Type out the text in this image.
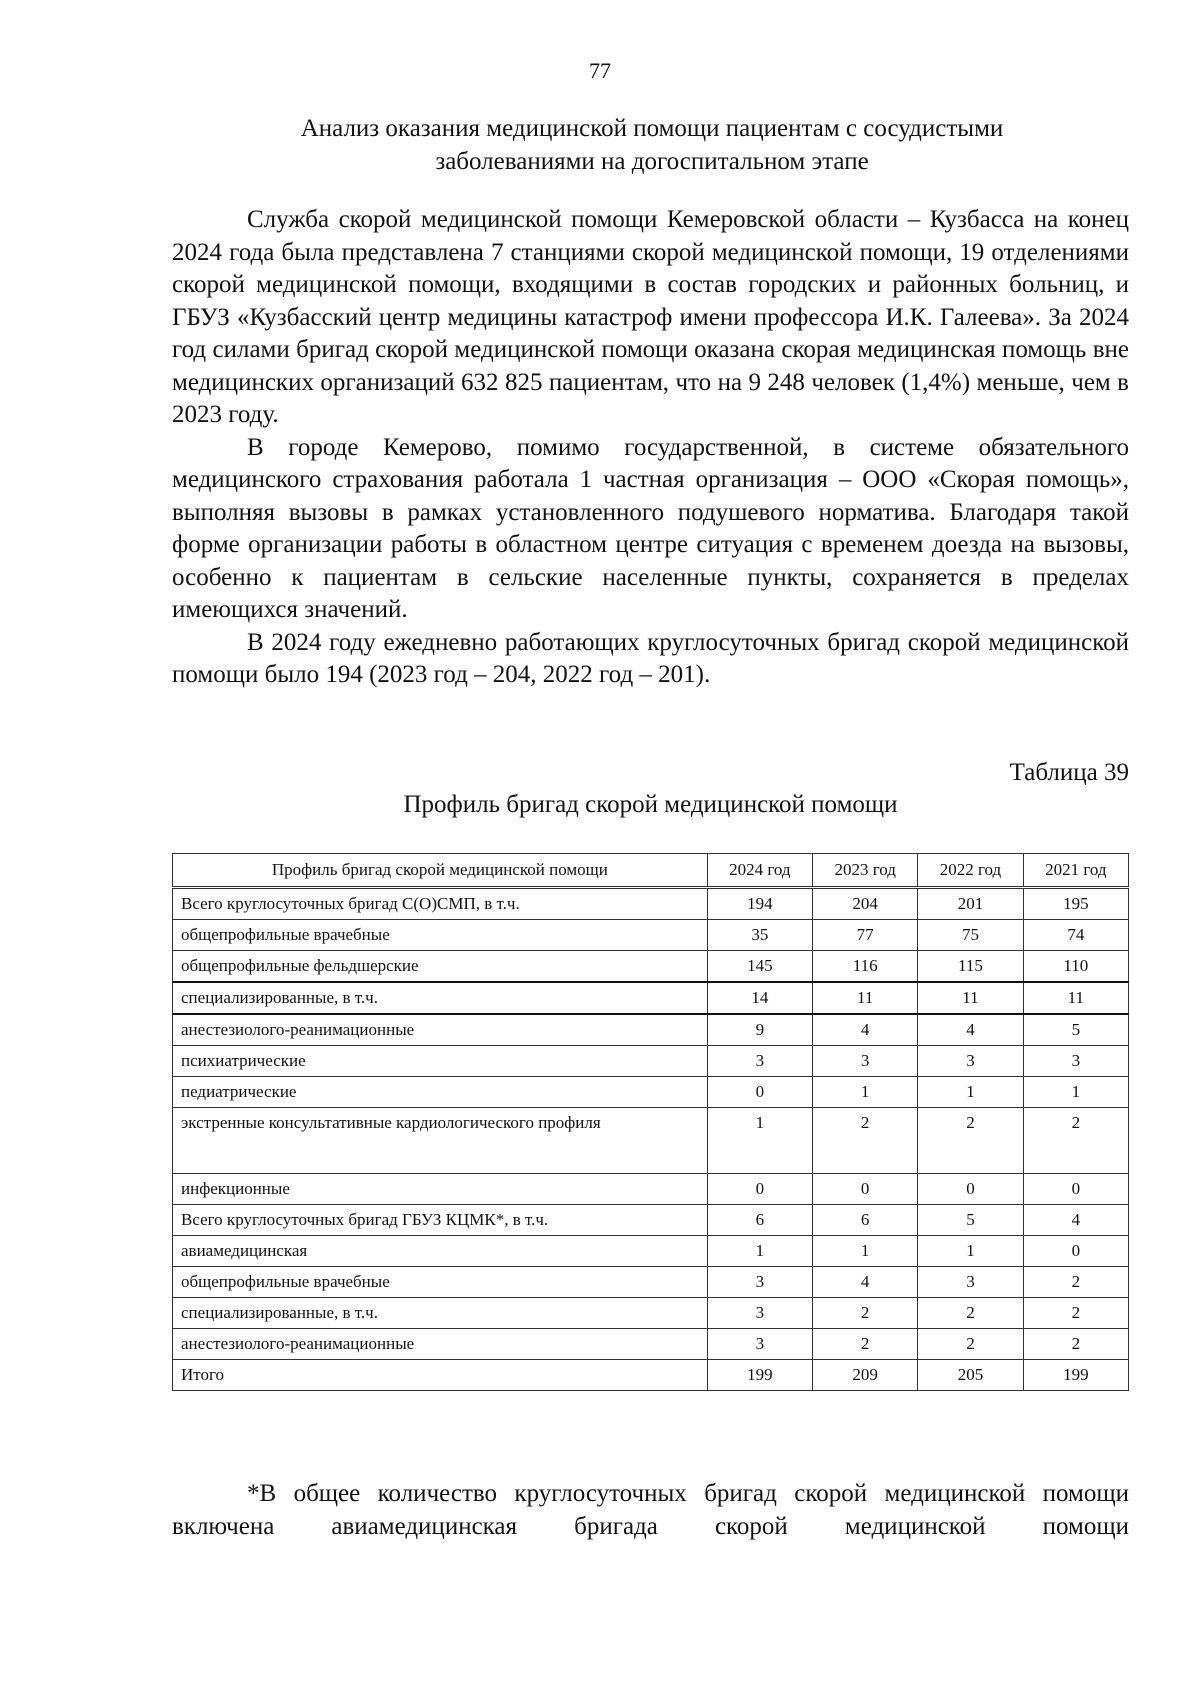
77
Анализ оказания медицинской помощи пациентам с сосудистыми
заболеваниями на догоспитальном этапе

Служба скорой медицинской помощи Кемеровской области – Кузбасса на конец 2024 года была представлена 7 станциями скорой медицинской помощи, 19 отделениями скорой медицинской помощи, входящими в состав городских и районных больниц, и ГБУЗ «Кузбасский центр медицины катастроф имени профессора И.К. Галеева». За 2024 год силами бригад скорой медицинской помощи оказана скорая медицинская помощь вне медицинских организаций 632 825 пациентам, что на 9 248 человек (1,4%) меньше, чем в 2023 году.

В городе Кемерово, помимо государственной, в системе обязательного медицинского страхования работала 1 частная организация – ООО «Скорая помощь», выполняя вызовы в рамках установленного подушевого норматива. Благодаря такой форме организации работы в областном центре ситуация с временем доезда на вызовы, особенно к пациентам в сельские населенные пункты, сохраняется в пределах имеющихся значений.

В 2024 году ежедневно работающих круглосуточных бригад скорой медицинской помощи было 194 (2023 год – 204, 2022 год – 201).

Таблица 39
Профиль бригад скорой медицинской помощи
Профиль бригад скорой медицинской помощи	2024 год	2023 год	2022 год	2021 год
Всего круглосуточных бригад С(О)СМП, в т.ч.	194	204	201	195
общепрофильные врачебные	35	77	75	74
общепрофильные фельдшерские	145	116	115	110
специализированные, в т.ч.	14	11	11	11
анестезиолого-реанимационные	9	4	4	5
психиатрические	3	3	3	3
педиатрические	0	1	1	1
экстренные консультативные кардиологического профиля	1	2	2	2
инфекционные	0	0	0	0
Всего круглосуточных бригад ГБУЗ КЦМК*, в т.ч.	6	6	5	4
авиамедицинская	1	1	1	0
общепрофильные врачебные	3	4	3	2
специализированные, в т.ч.	3	2	2	2
анестезиолого-реанимационные	3	2	2	2
Итого	199	209	205	199

*В общее количество круглосуточных бригад скорой медицинской помощи включена авиамедицинская бригада скорой медицинской помощи
